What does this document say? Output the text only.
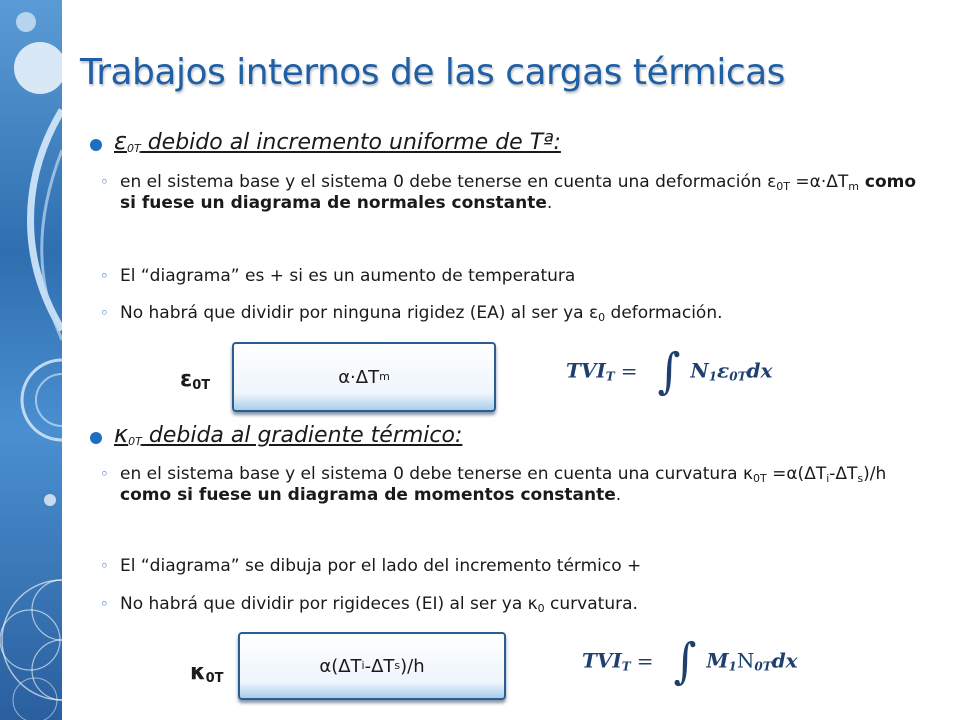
Trabajos internos de las cargas térmicas
$\varepsilon_{0T}$ debido al incremento uniforme de Tª:
◦ en el sistema base y el sistema 0 debe tenerse en cuenta una deformación $\varepsilon_{0T} =\alpha\cdot\Delta T_m$ como si fuese un diagrama de normales constante.
◦ El “diagrama” es + si es un aumento de temperatura
◦ No habrá que dividir por ninguna rigidez (EA) al ser ya $\varepsilon_0$ deformación.
$\varepsilon_{0T}$	α·ΔT m	$TVI_T$ = ∫ $N_1\varepsilon_{0T}dx$
$\kappa_{0T}$ debida al gradiente térmico:
◦ en el sistema base y el sistema 0 debe tenerse en cuenta una curvatura $\kappa_{0T} =\alpha(\Delta T_i-\Delta T_s)/h$ como si fuese un diagrama de momentos constante.
◦ El “diagrama” se dibuja por el lado del incremento térmico +
◦ No habrá que dividir por rigideces (EI) al ser ya $\kappa_0$ curvatura.
$\kappa_{0T}$
α(ΔT i -ΔT s )/h	$TVI_T$ = ∫ $M_1N_{0T}dx$
